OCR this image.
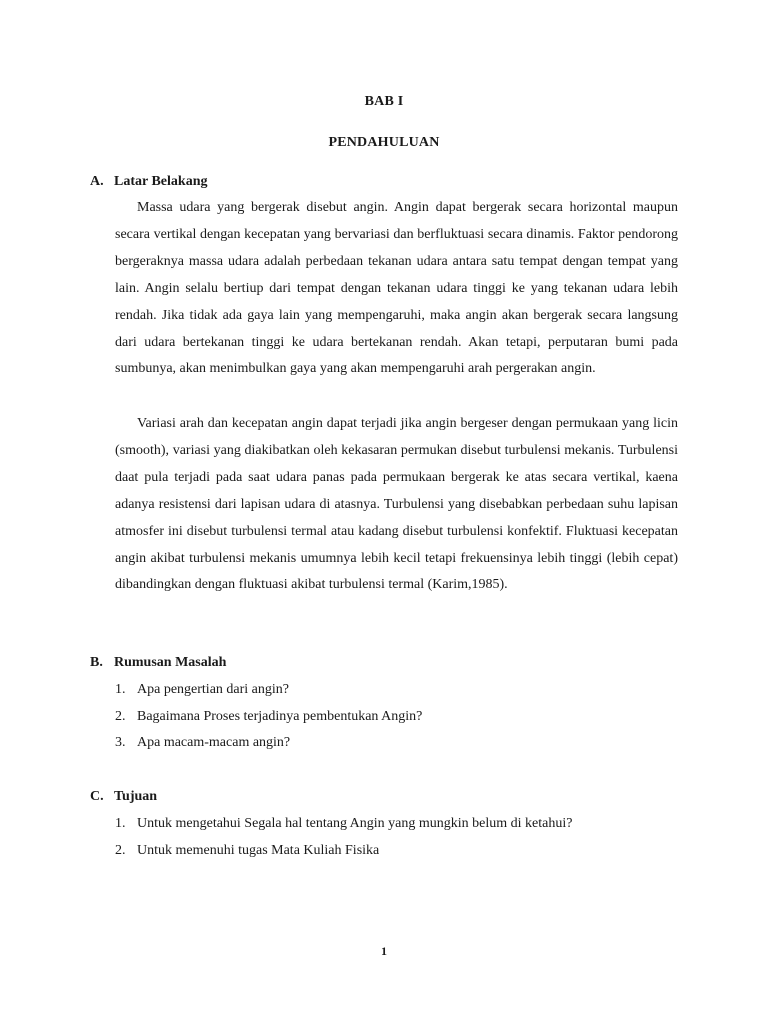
BAB I
PENDAHULUAN
A. Latar Belakang

Massa udara yang bergerak disebut angin. Angin dapat bergerak secara horizontal maupun secara vertikal dengan kecepatan yang bervariasi dan berfluktuasi secara dinamis. Faktor pendorong bergeraknya massa udara adalah perbedaan tekanan udara antara satu tempat dengan tempat yang lain. Angin selalu bertiup dari tempat dengan tekanan udara tinggi ke yang tekanan udara lebih rendah. Jika tidak ada gaya lain yang mempengaruhi, maka angin akan bergerak secara langsung dari udara bertekanan tinggi ke udara bertekanan rendah. Akan tetapi, perputaran bumi pada sumbunya, akan menimbulkan gaya yang akan mempengaruhi arah pergerakan angin.

Variasi arah dan kecepatan angin dapat terjadi jika angin bergeser dengan permukaan yang licin (smooth), variasi yang diakibatkan oleh kekasaran permukan disebut turbulensi mekanis. Turbulensi daat pula terjadi pada saat udara panas pada permukaan bergerak ke atas secara vertikal, kaena adanya resistensi dari lapisan udara di atasnya. Turbulensi yang disebabkan perbedaan suhu lapisan atmosfer ini disebut turbulensi termal atau kadang disebut turbulensi konfektif. Fluktuasi kecepatan angin akibat turbulensi mekanis umumnya lebih kecil tetapi frekuensinya lebih tinggi (lebih cepat) dibandingkan dengan fluktuasi akibat turbulensi termal (Karim,1985).

B. Rumusan Masalah
1. Apa pengertian dari angin?
2. Bagaimana Proses terjadinya pembentukan Angin?
3. Apa macam-macam angin?
C. Tujuan
1. Untuk mengetahui Segala hal tentang Angin yang mungkin belum di ketahui?
2. Untuk memenuhi tugas Mata Kuliah Fisika
1
